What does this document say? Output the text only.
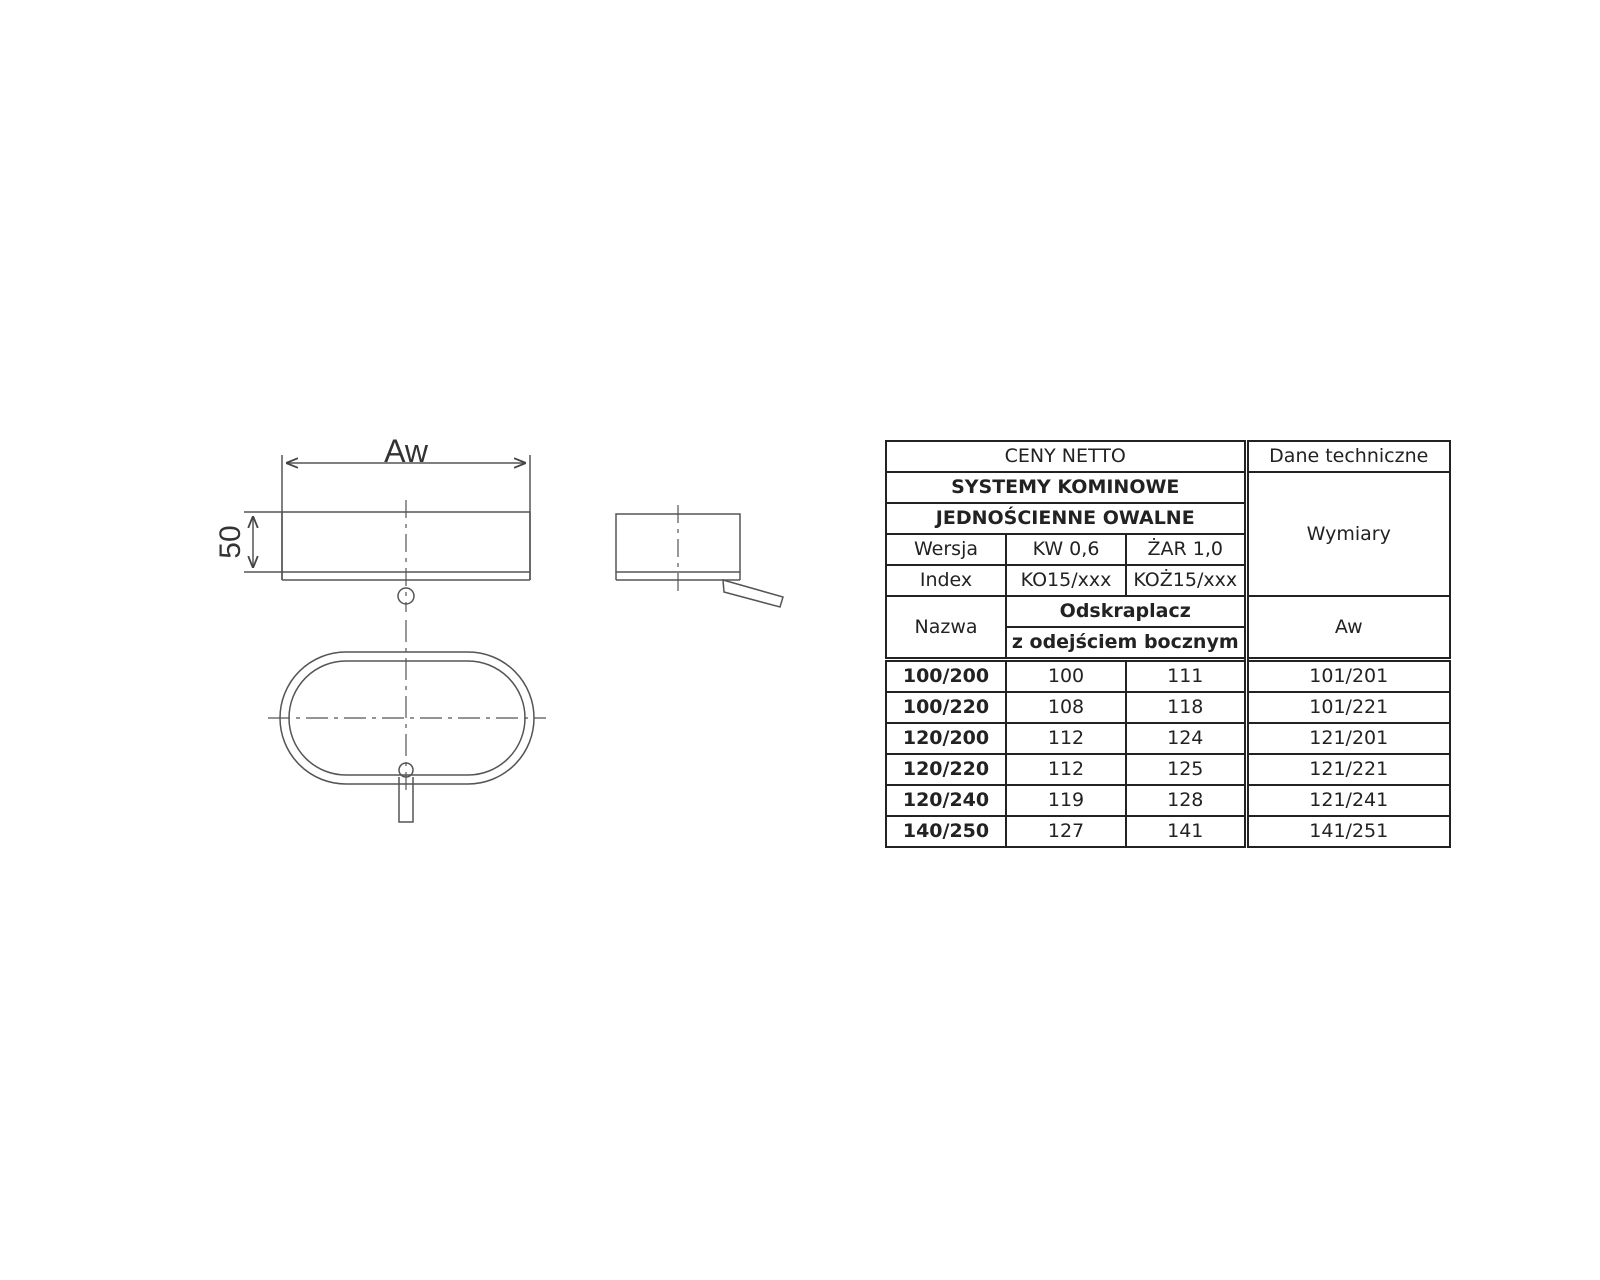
Aw
50
CENY NETTO			Dane techniczne
SYSTEMY KOMINOWE			Wymiary
JEDNOŚCIENNE OWALNE			
Wersja	KW 0,6	ŻAR 1,0	
Index	KO15/xxx	KOŻ15/xxx	
Nazwa	Odskraplacz		Aw
	z odejściem bocznym		
100/200	100	111	101/201
100/220	108	118	101/221
120/200	112	124	121/201
120/220	112	125	121/221
120/240	119	128	121/241
140/250	127	141	141/251
